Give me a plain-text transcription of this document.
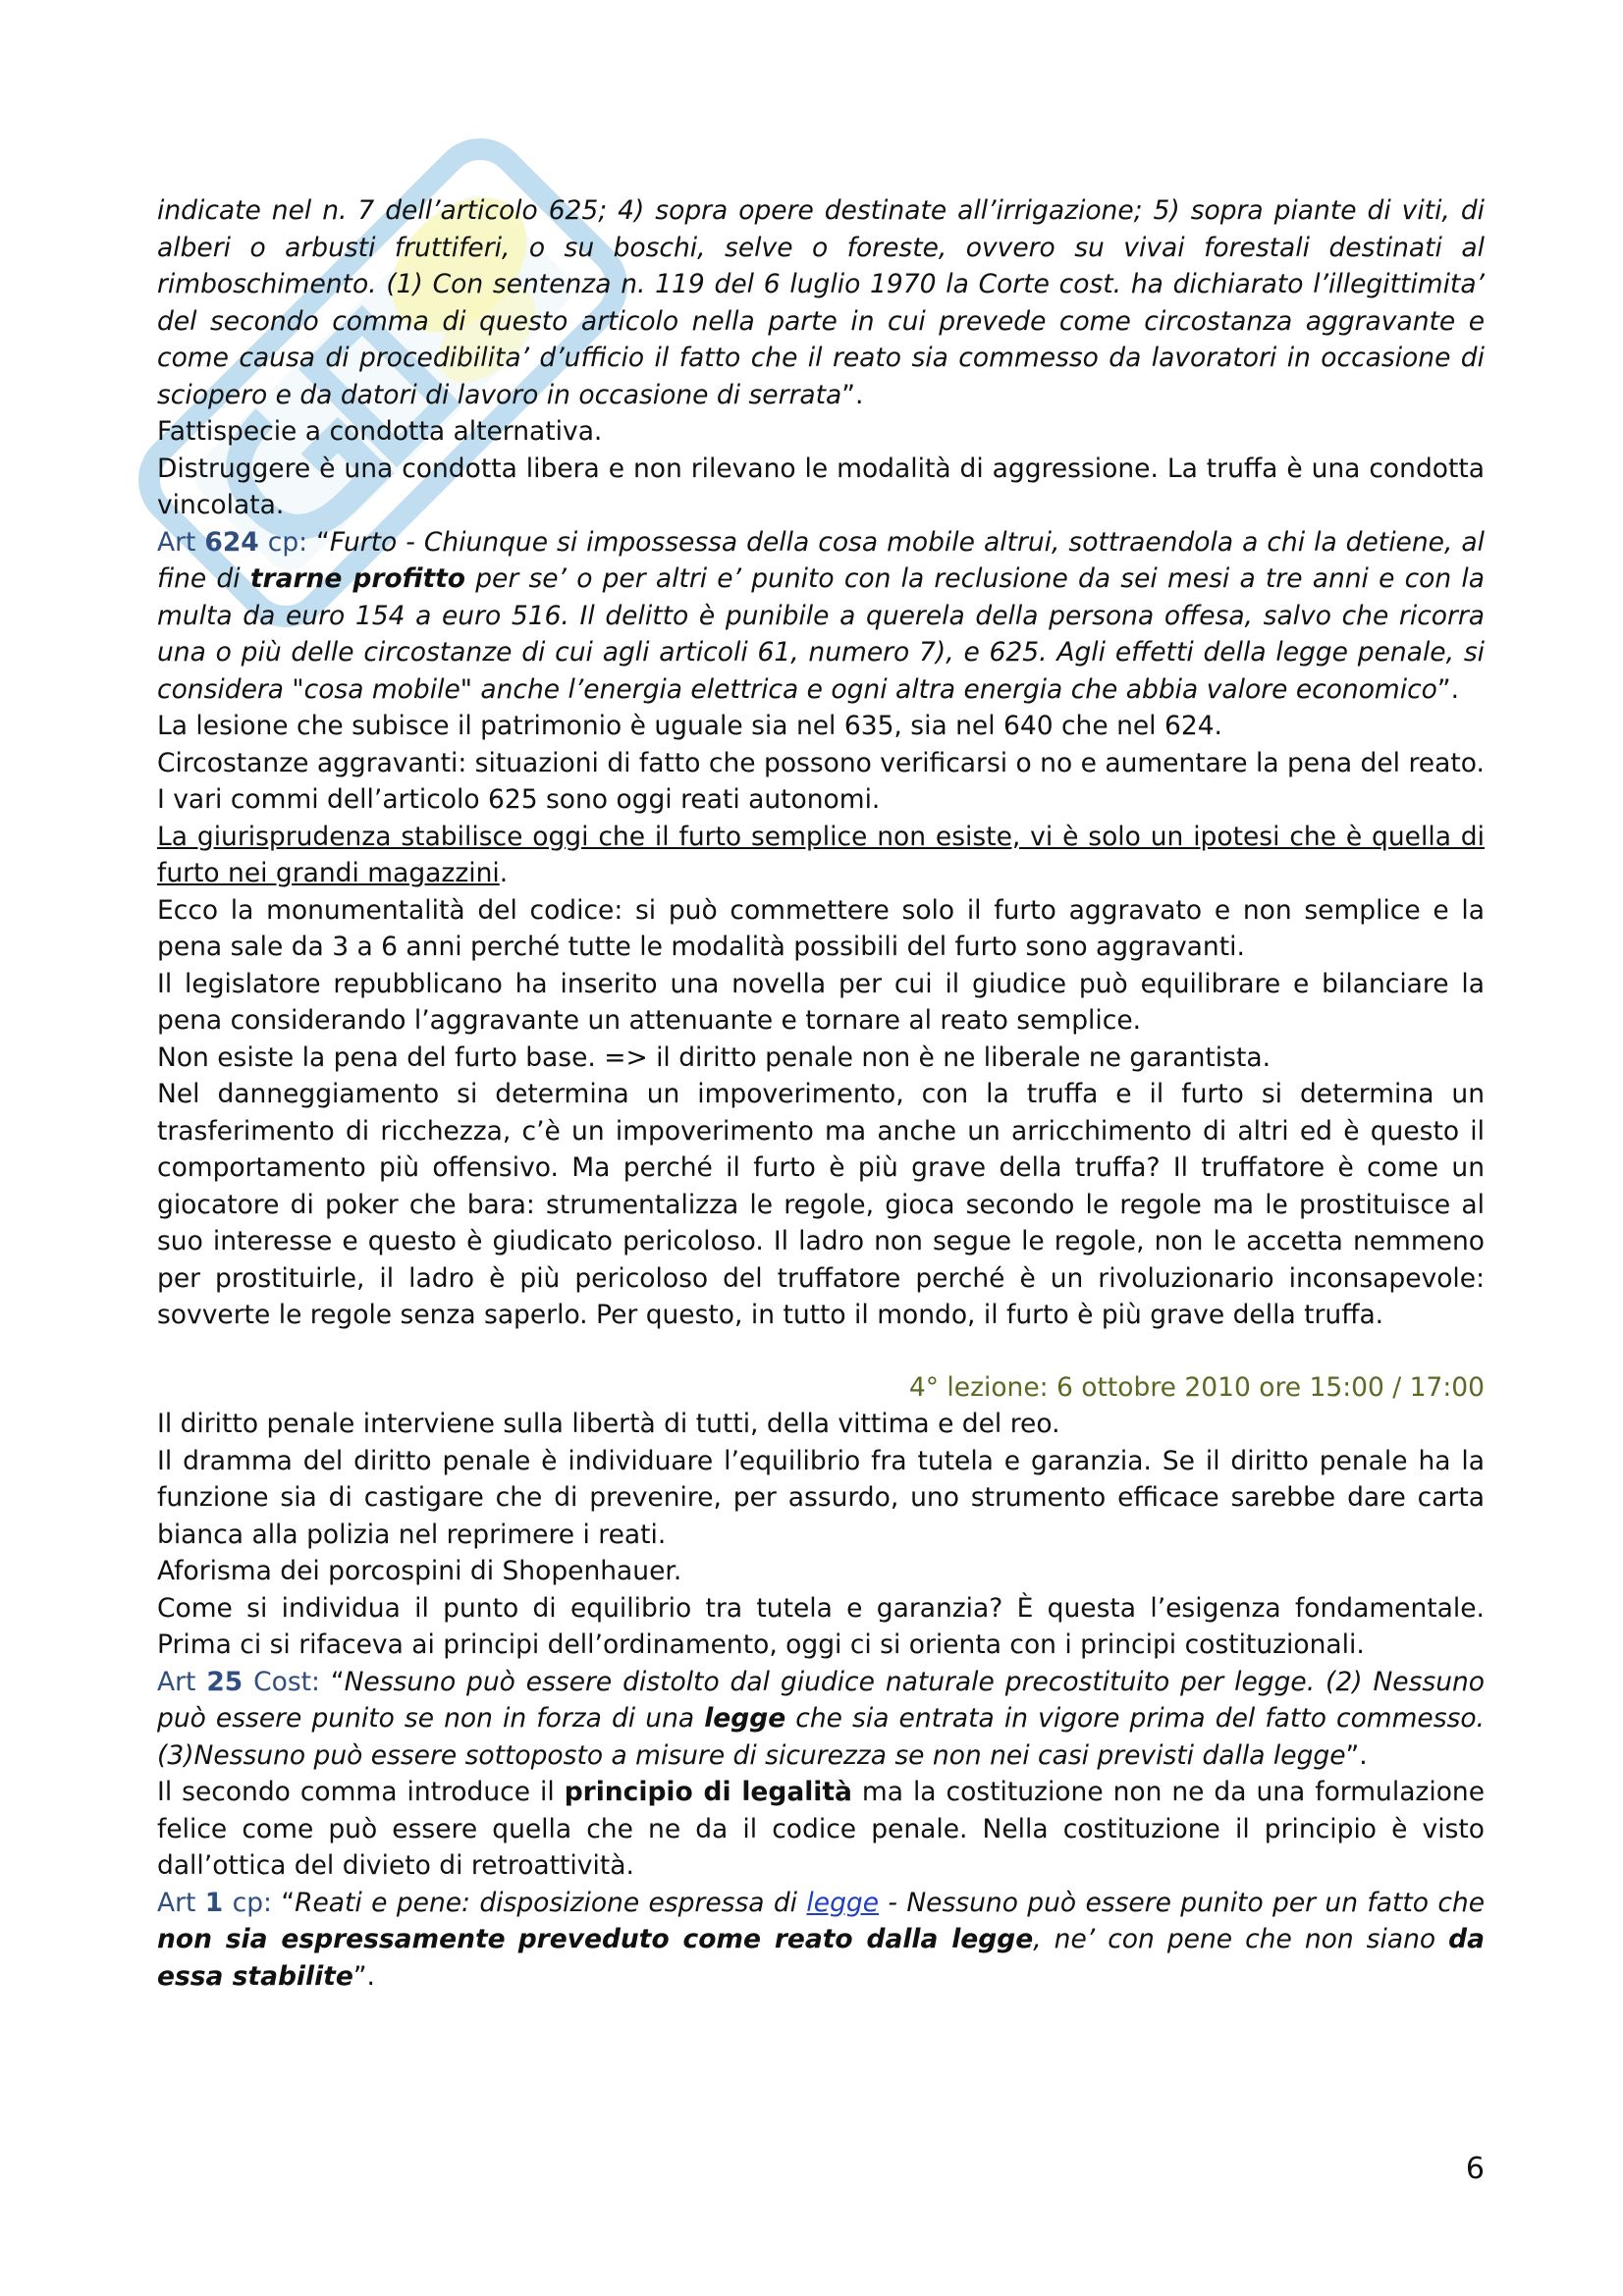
indicate nel n. 7 dell’articolo 625; 4) sopra opere destinate all’irrigazione; 5) sopra piante di viti, di alberi o arbusti fruttiferi, o su boschi, selve o foreste, ovvero su vivai forestali destinati al rimboschimento. (1) Con sentenza n. 119 del 6 luglio 1970 la Corte cost. ha dichiarato l’illegittimita’ del secondo comma di questo articolo nella parte in cui prevede come circostanza aggravante e come causa di procedibilita’ d’ufficio il fatto che il reato sia commesso da lavoratori in occasione di sciopero e da datori di lavoro in occasione di serrata”.

Fattispecie a condotta alternativa.

Distruggere è una condotta libera e non rilevano le modalità di aggressione. La truffa è una condotta vincolata.

Art 624 cp: “Furto - Chiunque si impossessa della cosa mobile altrui, sottraendola a chi la detiene, al fine di trarne profitto per se’ o per altri e’ punito con la reclusione da sei mesi a tre anni e con la multa da euro 154 a euro 516. Il delitto è punibile a querela della persona offesa, salvo che ricorra una o più delle circostanze di cui agli articoli 61, numero 7), e 625. Agli effetti della legge penale, si considera "cosa mobile" anche l’energia elettrica e ogni altra energia che abbia valore economico”.

La lesione che subisce il patrimonio è uguale sia nel 635, sia nel 640 che nel 624.

Circostanze aggravanti: situazioni di fatto che possono verificarsi o no e aumentare la pena del reato.

I vari commi dell’articolo 625 sono oggi reati autonomi.

La giurisprudenza stabilisce oggi che il furto semplice non esiste, vi è solo un ipotesi che è quella di furto nei grandi magazzini.

Ecco la monumentalità del codice: si può commettere solo il furto aggravato e non semplice e la pena sale da 3 a 6 anni perché tutte le modalità possibili del furto sono aggravanti.

Il legislatore repubblicano ha inserito una novella per cui il giudice può equilibrare e bilanciare la pena considerando l’aggravante un attenuante e tornare al reato semplice.

Non esiste la pena del furto base. => il diritto penale non è ne liberale ne garantista.

Nel danneggiamento si determina un impoverimento, con la truffa e il furto si determina un trasferimento di ricchezza, c’è un impoverimento ma anche un arricchimento di altri ed è questo il comportamento più offensivo. Ma perché il furto è più grave della truffa? Il truffatore è come un giocatore di poker che bara: strumentalizza le regole, gioca secondo le regole ma le prostituisce al suo interesse e questo è giudicato pericoloso. Il ladro non segue le regole, non le accetta nemmeno per prostituirle, il ladro è più pericoloso del truffatore perché è un rivoluzionario inconsapevole: sovverte le regole senza saperlo. Per questo, in tutto il mondo, il furto è più grave della truffa.

4° lezione: 6 ottobre 2010 ore 15:00 / 17:00

Il diritto penale interviene sulla libertà di tutti, della vittima e del reo.

Il dramma del diritto penale è individuare l’equilibrio fra tutela e garanzia. Se il diritto penale ha la funzione sia di castigare che di prevenire, per assurdo, uno strumento efficace sarebbe dare carta bianca alla polizia nel reprimere i reati.

Aforisma dei porcospini di Shopenhauer.

Come si individua il punto di equilibrio tra tutela e garanzia? È questa l’esigenza fondamentale. Prima ci si rifaceva ai principi dell’ordinamento, oggi ci si orienta con i principi costituzionali.

Art 25 Cost: “Nessuno può essere distolto dal giudice naturale precostituito per legge. (2) Nessuno può essere punito se non in forza di una legge che sia entrata in vigore prima del fatto commesso. (3)Nessuno può essere sottoposto a misure di sicurezza se non nei casi previsti dalla legge”.

Il secondo comma introduce il principio di legalità ma la costituzione non ne da una formulazione felice come può essere quella che ne da il codice penale. Nella costituzione il principio è visto dall’ottica del divieto di retroattività.

Art 1 cp: “Reati e pene: disposizione espressa di legge - Nessuno può essere punito per un fatto che non sia espressamente preveduto come reato dalla legge, ne’ con pene che non siano da essa stabilite”.

6
